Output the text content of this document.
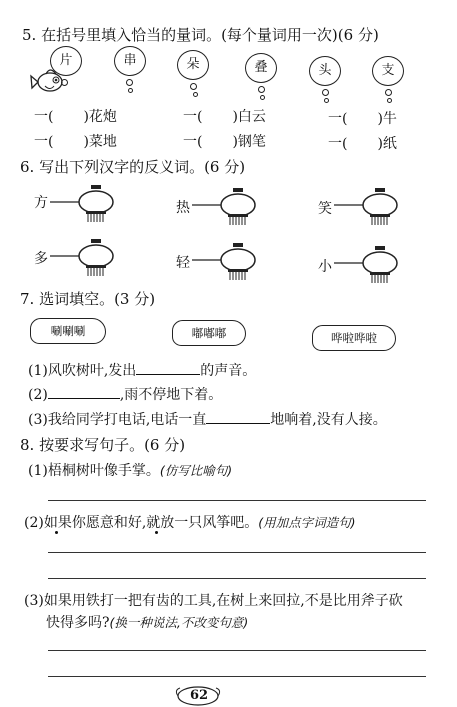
5. 在括号里填入恰当的量词。(每个量词用一次)(6 分)
片	串	朵	叠	头	支
一( )花炮	一( )白云	一( )牛
一( )菜地	一( )钢笔	一( )纸
6. 写出下列汉字的反义词。(6 分)
方	热	笑
多	轻	小
7. 选词填空。(3 分)
唰唰唰	嘟嘟嘟	哗啦哗啦
(1)风吹树叶,发出	的声音。
(2)	,雨不停地下着。
(3)我给同学打电话,电话一直	地响着,没有人接。
8. 按要求写句子。(6 分)
(1)梧桐树叶像手掌。(仿写比喻句)
(2)如果你愿意和好,就放一只风筝吧。(用加点字词造句)
(3)如果用铁打一把有齿的工具,在树上来回拉,不是比用斧子砍
快得多吗?(换一种说法,不改变句意)
62
